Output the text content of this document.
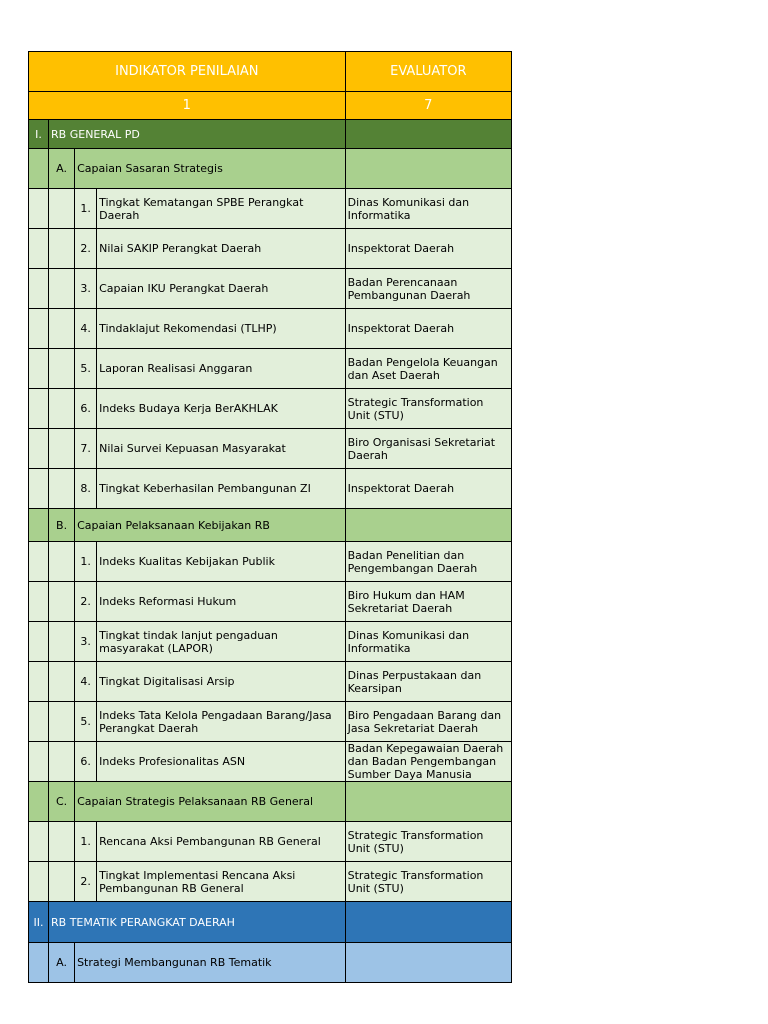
INDIKATOR PENILAIAN				EVALUATOR
1				7
I.	RB GENERAL PD			
	A.	Capaian Sasaran Strategis		
		1.	Tingkat Kematangan SPBE Perangkat Daerah	Dinas Komunikasi dan Informatika
		2.	Nilai SAKIP Perangkat Daerah	Inspektorat Daerah
		3.	Capaian IKU Perangkat Daerah	Badan Perencanaan Pembangunan Daerah
		4.	Tindaklajut Rekomendasi (TLHP)	Inspektorat Daerah
		5.	Laporan Realisasi Anggaran	Badan Pengelola Keuangan dan Aset Daerah
		6.	Indeks Budaya Kerja BerAKHLAK	Strategic Transformation Unit (STU)
		7.	Nilai Survei Kepuasan Masyarakat	Biro Organisasi Sekretariat Daerah
		8.	Tingkat Keberhasilan Pembangunan ZI	Inspektorat Daerah
	B.	Capaian Pelaksanaan Kebijakan RB		
		1.	Indeks Kualitas Kebijakan Publik	Badan Penelitian dan Pengembangan Daerah
		2.	Indeks Reformasi Hukum	Biro Hukum dan HAM Sekretariat Daerah
		3.	Tingkat tindak lanjut pengaduan masyarakat (LAPOR)	Dinas Komunikasi dan Informatika
		4.	Tingkat Digitalisasi Arsip	Dinas Perpustakaan dan Kearsipan
		5.	Indeks Tata Kelola Pengadaan Barang/Jasa Perangkat Daerah	Biro Pengadaan Barang dan Jasa Sekretariat Daerah
		6.	Indeks Profesionalitas ASN	Badan Kepegawaian Daerah dan Badan Pengembangan Sumber Daya Manusia
	C.	Capaian Strategis Pelaksanaan RB General		
		1.	Rencana Aksi Pembangunan RB General	Strategic Transformation Unit (STU)
		2.	Tingkat Implementasi Rencana Aksi Pembangunan RB General	Strategic Transformation Unit (STU)
II.	RB TEMATIK PERANGKAT DAERAH			
	A.	Strategi Membangunan RB Tematik		
